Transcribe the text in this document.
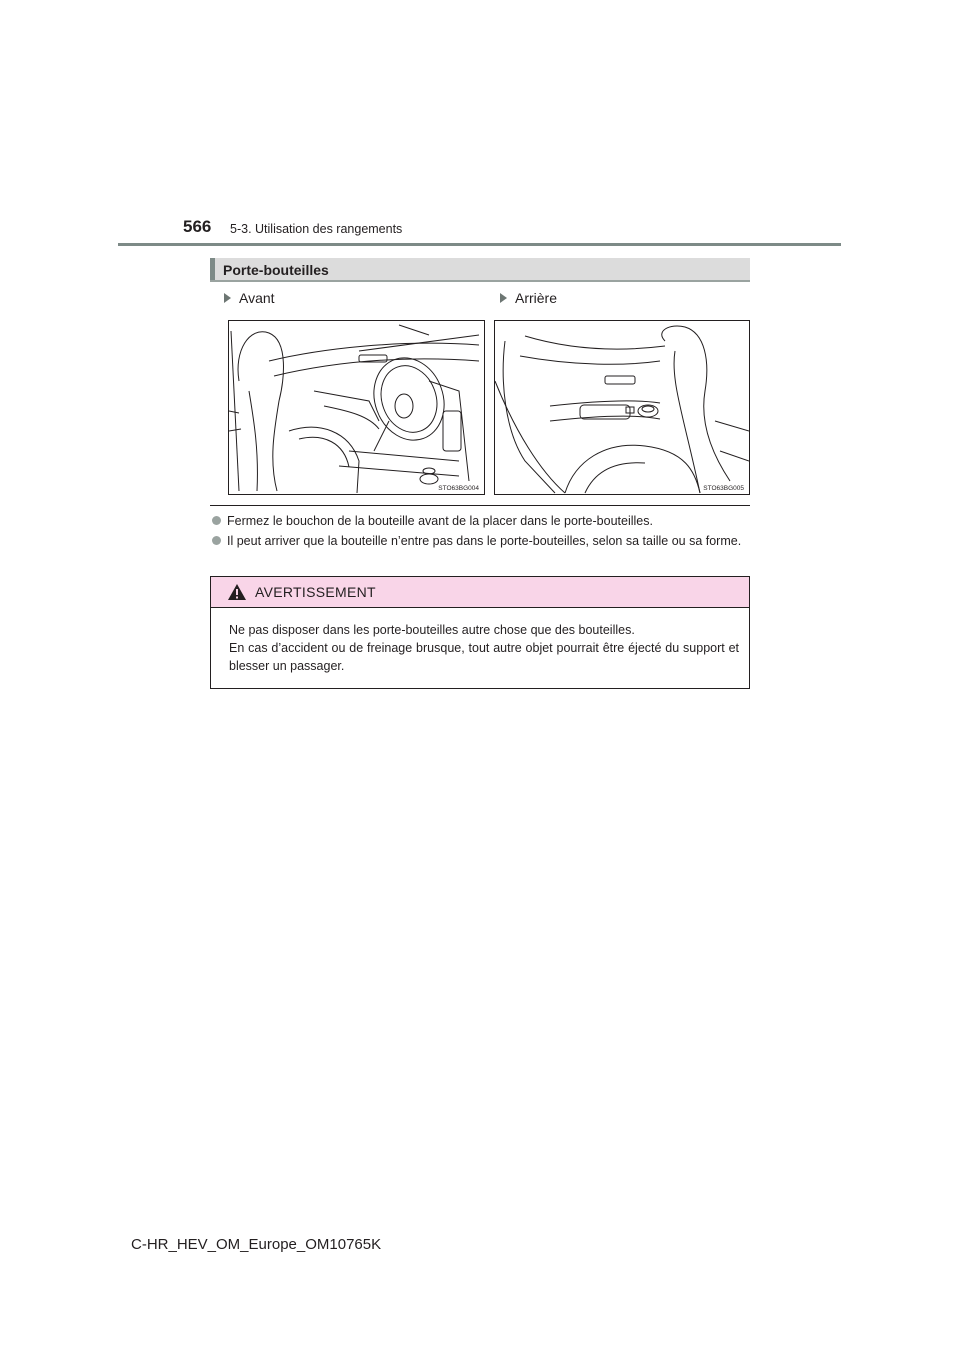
566 5-3. Utilisation des rangements
Porte-bouteilles
Avant	Arrière
STO63BG004	STO63BG005
Fermez le bouchon de la bouteille avant de la placer dans le porte-bouteilles.
Il peut arriver que la bouteille n’entre pas dans le porte-bouteilles, selon sa taille ou sa forme.
AVERTISSEMENT
Ne pas disposer dans les porte-bouteilles autre chose que des bouteilles.
En cas d’accident ou de freinage brusque, tout autre objet pourrait être éjecté du support et blesser un passager.
C-HR_HEV_OM_Europe_OM10765K
